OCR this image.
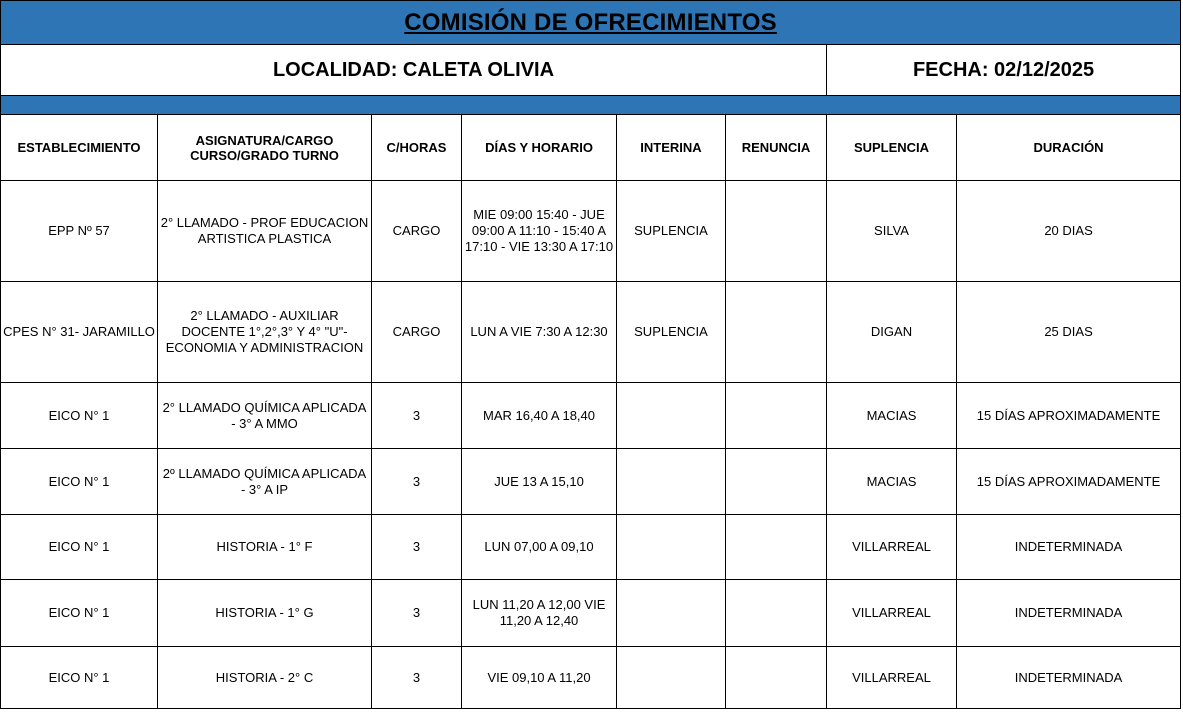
COMISIÓN DE OFRECIMIENTOS							
LOCALIDAD: CALETA OLIVIA						FECHA: 02/12/2025	

ESTABLECIMIENTO	ASIGNATURA/CARGO CURSO/GRADO TURNO	C/HORAS	DÍAS Y HORARIO	INTERINA	RENUNCIA	SUPLENCIA	DURACIÓN
EPP Nº 57	2° LLAMADO - PROF EDUCACION ARTISTICA PLASTICA	CARGO	MIE 09:00 15:40 - JUE 09:00 A 11:10 - 15:40 A 17:10 - VIE 13:30 A 17:10	SUPLENCIA		SILVA	20 DIAS
CPES N° 31- JARAMILLO	2° LLAMADO - AUXILIAR DOCENTE 1°,2°,3° Y 4° "U"- ECONOMIA Y ADMINISTRACION	CARGO	LUN A VIE 7:30 A 12:30	SUPLENCIA		DIGAN	25 DIAS
EICO N° 1	2° LLAMADO QUÍMICA APLICADA - 3° A MMO	3	MAR 16,40 A 18,40			MACIAS	15 DÍAS APROXIMADAMENTE
EICO N° 1	2º LLAMADO QUÍMICA APLICADA - 3° A IP	3	JUE 13 A 15,10			MACIAS	15 DÍAS APROXIMADAMENTE
EICO N° 1	HISTORIA - 1° F	3	LUN 07,00 A 09,10			VILLARREAL	INDETERMINADA
EICO N° 1	HISTORIA - 1° G	3	LUN 11,20 A 12,00 VIE 11,20 A 12,40			VILLARREAL	INDETERMINADA
EICO N° 1	HISTORIA - 2° C	3	VIE 09,10 A 11,20			VILLARREAL	INDETERMINADA
